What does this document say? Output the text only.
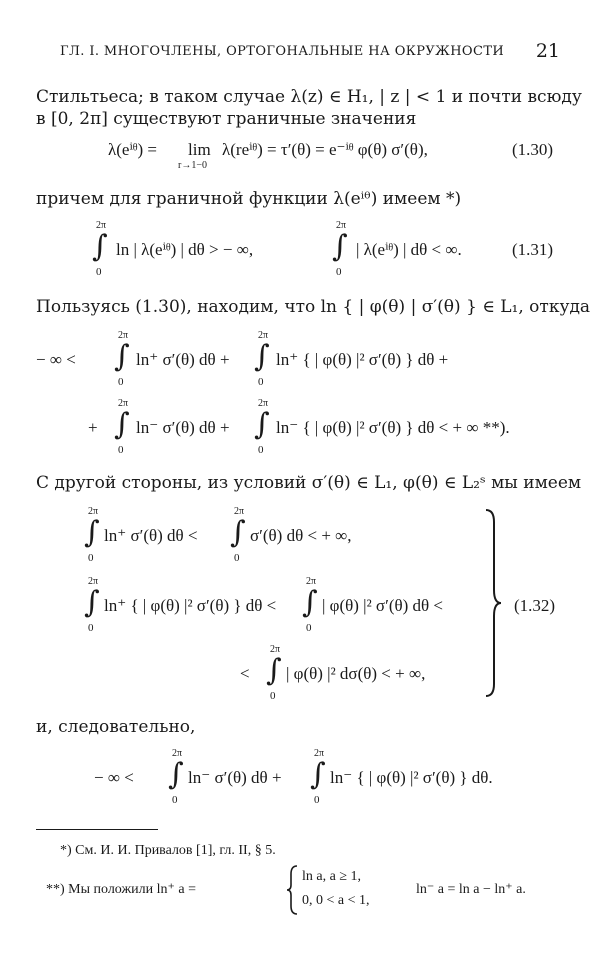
ГЛ. I. МНОГОЧЛЕНЫ, ОРТОГОНАЛЬНЫЕ НА ОКРУЖНОСТИ 21
Стильтьеса; в таком случае λ(z) ∈ H₁, | z | < 1 и почти всюду
в [0, 2π] существуют граничные значения
λ(eⁱᶿ) = lim
r→1−0
λ(reⁱᶿ) = τ′(θ) = e⁻ⁱᶿ φ(θ) σ′(θ),	(1.30)
причем для граничной функции λ(eⁱᶿ) имеем *)
2π
∫
0
ln | λ(eⁱᶿ) | dθ > − ∞,
2π
∫
0
| λ(eⁱᶿ) | dθ < ∞.	(1.31)
Пользуясь (1.30), находим, что ln { | φ(θ) | σ′(θ) } ∈ L₁, откуда
− ∞ <
2π
∫
0
ln⁺ σ′(θ) dθ +
2π
∫
0
ln⁺ { | φ(θ) |² σ′(θ) } dθ +
+
2π
∫
0
ln⁻ σ′(θ) dθ +
2π
∫
0
ln⁻ { | φ(θ) |² σ′(θ) } dθ < + ∞ **).
С другой стороны, из условий σ′(θ) ∈ L₁, φ(θ) ∈ L₂ˢ мы имеем
2π
∫
0
ln⁺ σ′(θ) dθ <
2π
∫
0
σ′(θ) dθ < + ∞,
2π
∫
0
ln⁺ { | φ(θ) |² σ′(θ) } dθ <
2π
∫
0
| φ(θ) |² σ′(θ) dθ <
<
2π
∫
0
| φ(θ) |² dσ(θ) < + ∞,
(1.32)
и, следовательно,
− ∞ <
2π
∫
0
ln⁻ σ′(θ) dθ +
2π
∫
0
ln⁻ { | φ(θ) |² σ′(θ) } dθ.
*) См. И. И. Привалов [1], гл. II, § 5.
**) Мы положили ln⁺ a =
ln a, a ≥ 1,
0, 0 < a < 1,
ln⁻ a = ln a − ln⁺ a.
